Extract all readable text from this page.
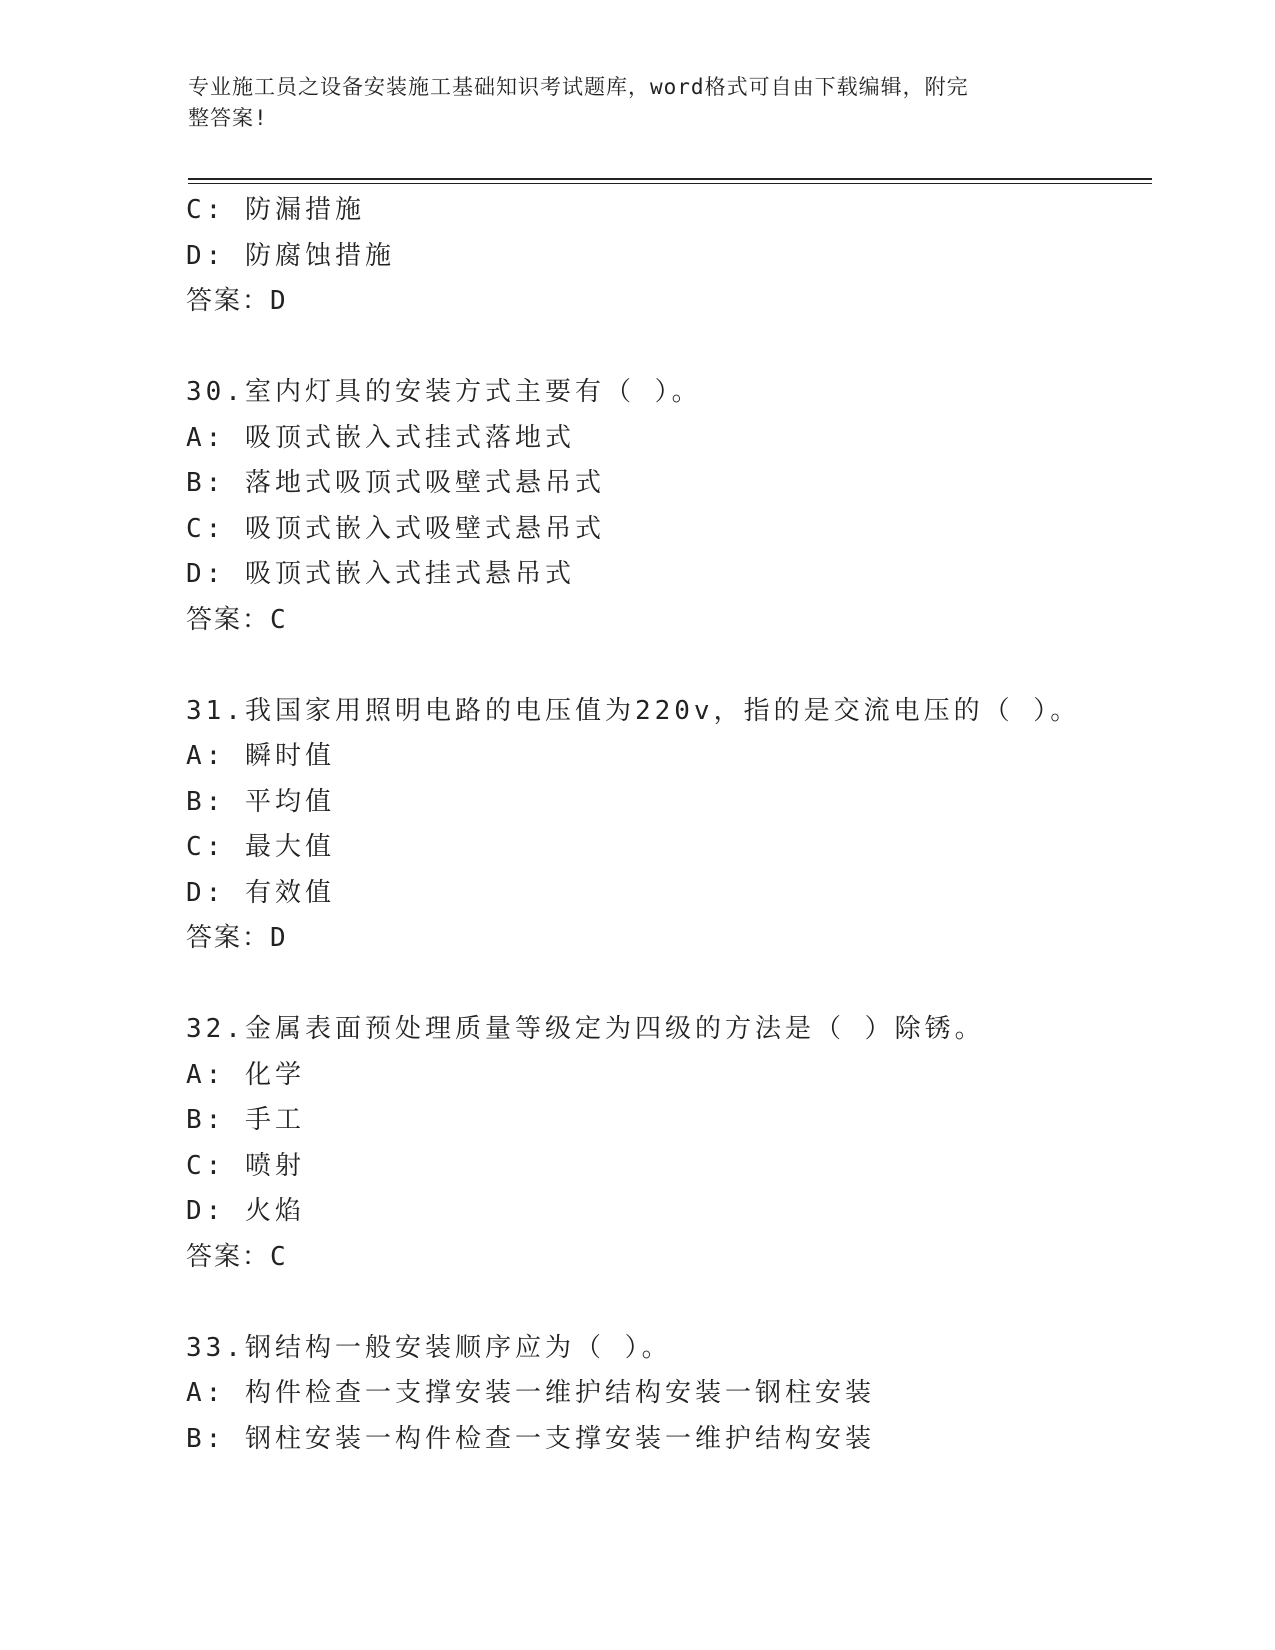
专业施工员之设备安装施工基础知识考试题库，word格式可自由下载编辑，附完
整答案!
C: 防漏措施
D: 防腐蚀措施
答案：D
30.室内灯具的安装方式主要有（ ）。
A: 吸顶式嵌入式挂式落地式
B: 落地式吸顶式吸壁式悬吊式
C: 吸顶式嵌入式吸壁式悬吊式
D: 吸顶式嵌入式挂式悬吊式
答案：C
31.我国家用照明电路的电压值为220v，指的是交流电压的（ ）。
A: 瞬时值
B: 平均值
C: 最大值
D: 有效值
答案：D
32.金属表面预处理质量等级定为四级的方法是（ ）除锈。
A: 化学
B: 手工
C: 喷射
D: 火焰
答案：C
33.钢结构一般安装顺序应为（ ）。
A: 构件检查一支撑安装一维护结构安装一钢柱安装
B: 钢柱安装一构件检查一支撑安装一维护结构安装
